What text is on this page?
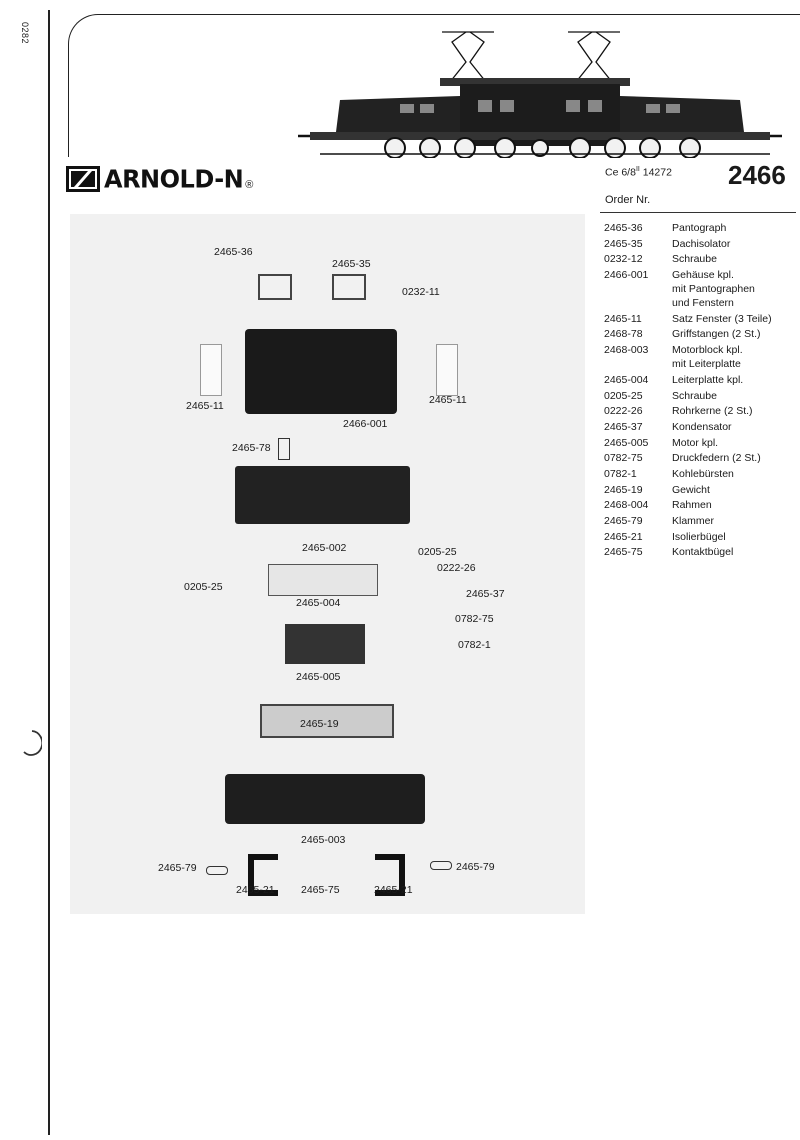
0282
ARNOLD-N ®
Ce $6/8^{II}$ 14272 2466
Order Nr.
2465-36	Pantograph
2465-35	Dachisolator
0232-12	Schraube
2466-001	Gehäuse kpl.
mit Pantographen
und Fenstern
2465-11	Satz Fenster (3 Teile)
2468-78	Griffstangen (2 St.)
2468-003	Motorblock kpl.
mit Leiterplatte
2465-004	Leiterplatte kpl.
0205-25	Schraube
0222-26	Rohrkerne (2 St.)
2465-37	Kondensator
2465-005	Motor kpl.
0782-75	Druckfedern (2 St.)
0782-1	Kohlebürsten
2465-19	Gewicht
2468-004	Rahmen
2465-79	Klammer
2465-21	Isolierbügel
2465-75	Kontaktbügel
2465-36
2465-35
0232-11
2465-11	2465-11
2466-001
2465-78
2465-002	0205-25
0222-26
0205-25
2465-004
2465-37
0782-75
0782-1
2465-005
2465-19
2465-003
2465-79
2465-21	2465-75	2465-21
2465-79
